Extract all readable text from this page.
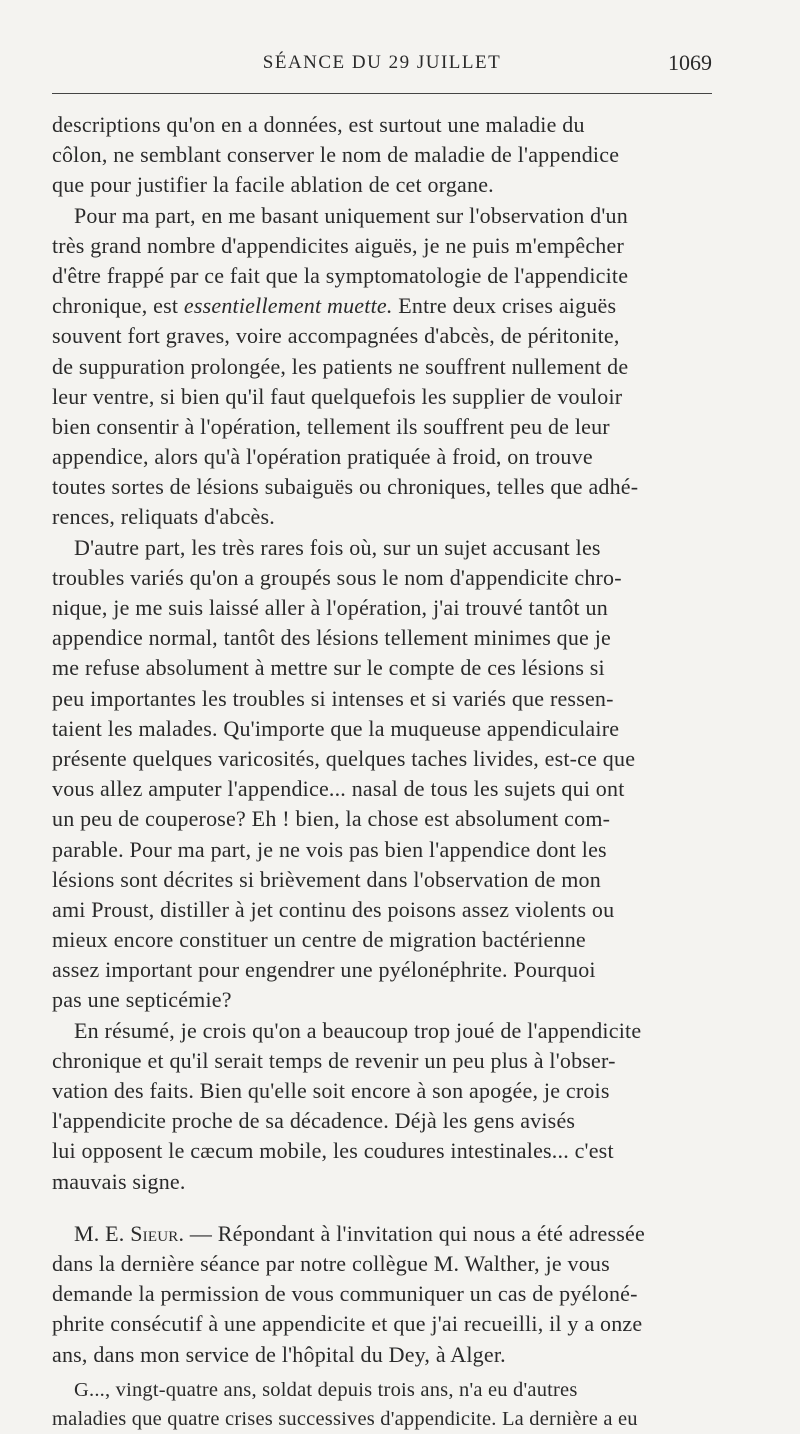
SÉANCE DU 29 JUILLET	1069
descriptions qu'on en a données, est surtout une maladie du
côlon, ne semblant conserver le nom de maladie de l'appendice
que pour justifier la facile ablation de cet organe.
Pour ma part, en me basant uniquement sur l'observation d'un
très grand nombre d'appendicites aiguës, je ne puis m'empêcher
d'être frappé par ce fait que la symptomatologie de l'appendicite
chronique, est essentiellement muette. Entre deux crises aiguës
souvent fort graves, voire accompagnées d'abcès, de péritonite,
de suppuration prolongée, les patients ne souffrent nullement de
leur ventre, si bien qu'il faut quelquefois les supplier de vouloir
bien consentir à l'opération, tellement ils souffrent peu de leur
appendice, alors qu'à l'opération pratiquée à froid, on trouve
toutes sortes de lésions subaiguës ou chroniques, telles que adhé-
rences, reliquats d'abcès.
D'autre part, les très rares fois où, sur un sujet accusant les
troubles variés qu'on a groupés sous le nom d'appendicite chro-
nique, je me suis laissé aller à l'opération, j'ai trouvé tantôt un
appendice normal, tantôt des lésions tellement minimes que je
me refuse absolument à mettre sur le compte de ces lésions si
peu importantes les troubles si intenses et si variés que ressen-
taient les malades. Qu'importe que la muqueuse appendiculaire
présente quelques varicosités, quelques taches livides, est-ce que
vous allez amputer l'appendice... nasal de tous les sujets qui ont
un peu de couperose? Eh ! bien, la chose est absolument com-
parable. Pour ma part, je ne vois pas bien l'appendice dont les
lésions sont décrites si brièvement dans l'observation de mon
ami Proust, distiller à jet continu des poisons assez violents ou
mieux encore constituer un centre de migration bactérienne
assez important pour engendrer une pyélonéphrite. Pourquoi
pas une septicémie?
En résumé, je crois qu'on a beaucoup trop joué de l'appendicite
chronique et qu'il serait temps de revenir un peu plus à l'obser-
vation des faits. Bien qu'elle soit encore à son apogée, je crois
l'appendicite proche de sa décadence. Déjà les gens avisés
lui opposent le cæcum mobile, les coudures intestinales... c'est
mauvais signe.
M. E. Sieur. — Répondant à l'invitation qui nous a été adressée
dans la dernière séance par notre collègue M. Walther, je vous
demande la permission de vous communiquer un cas de pyéloné-
phrite consécutif à une appendicite et que j'ai recueilli, il y a onze
ans, dans mon service de l'hôpital du Dey, à Alger.
G..., vingt-quatre ans, soldat depuis trois ans, n'a eu d'autres
maladies que quatre crises successives d'appendicite. La dernière a eu
